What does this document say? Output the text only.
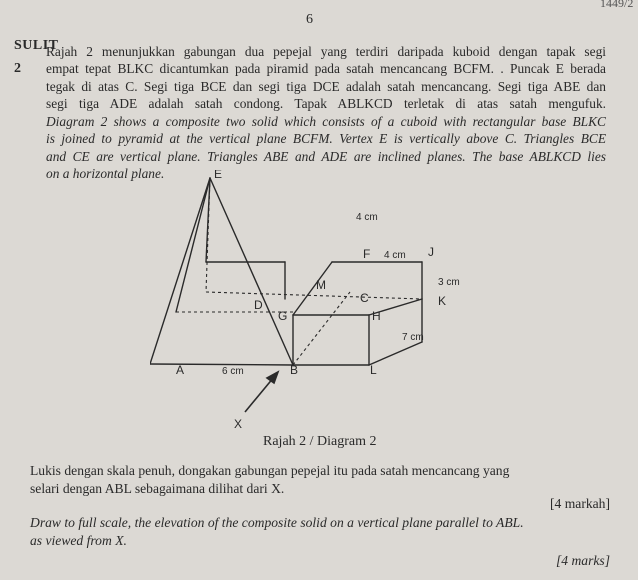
1449/2
6
SULIT
2
Rajah 2 menunjukkan gabungan dua pepejal yang terdiri daripada kuboid dengan tapak segi
empat tepat BLKC dicantumkan pada piramid pada satah mencancang BCFM. . Puncak E berada
tegak di atas C. Segi tiga BCE dan segi tiga DCE adalah satah mencancang. Segi tiga ABE dan
segi tiga ADE adalah satah condong. Tapak ABLKCD terletak di atas satah mengufuk.
Diagram 2 shows a composite two solid which consists of a cuboid with rectangular base BLKC
is joined to pyramid at the vertical plane BCFM. Vertex E is vertically above C. Triangles BCE
and CE are vertical plane. Triangles ABE and ADE are inclined planes. The base ABLKCD lies
on a horizontal plane.	E
F	J
M
C	K
D
G	H
A	B	L
X
4 cm
4 cm
3 cm
7 cm
6 cm
Rajah 2 / Diagram 2
Lukis dengan skala penuh, dongakan gabungan pepejal itu pada satah mencancang yang
selari dengan ABL sebagaimana dilihat dari X.
[4 markah]
Draw to full scale, the elevation of the composite solid on a vertical plane parallel to ABL.
as viewed from X.
[4 marks]
